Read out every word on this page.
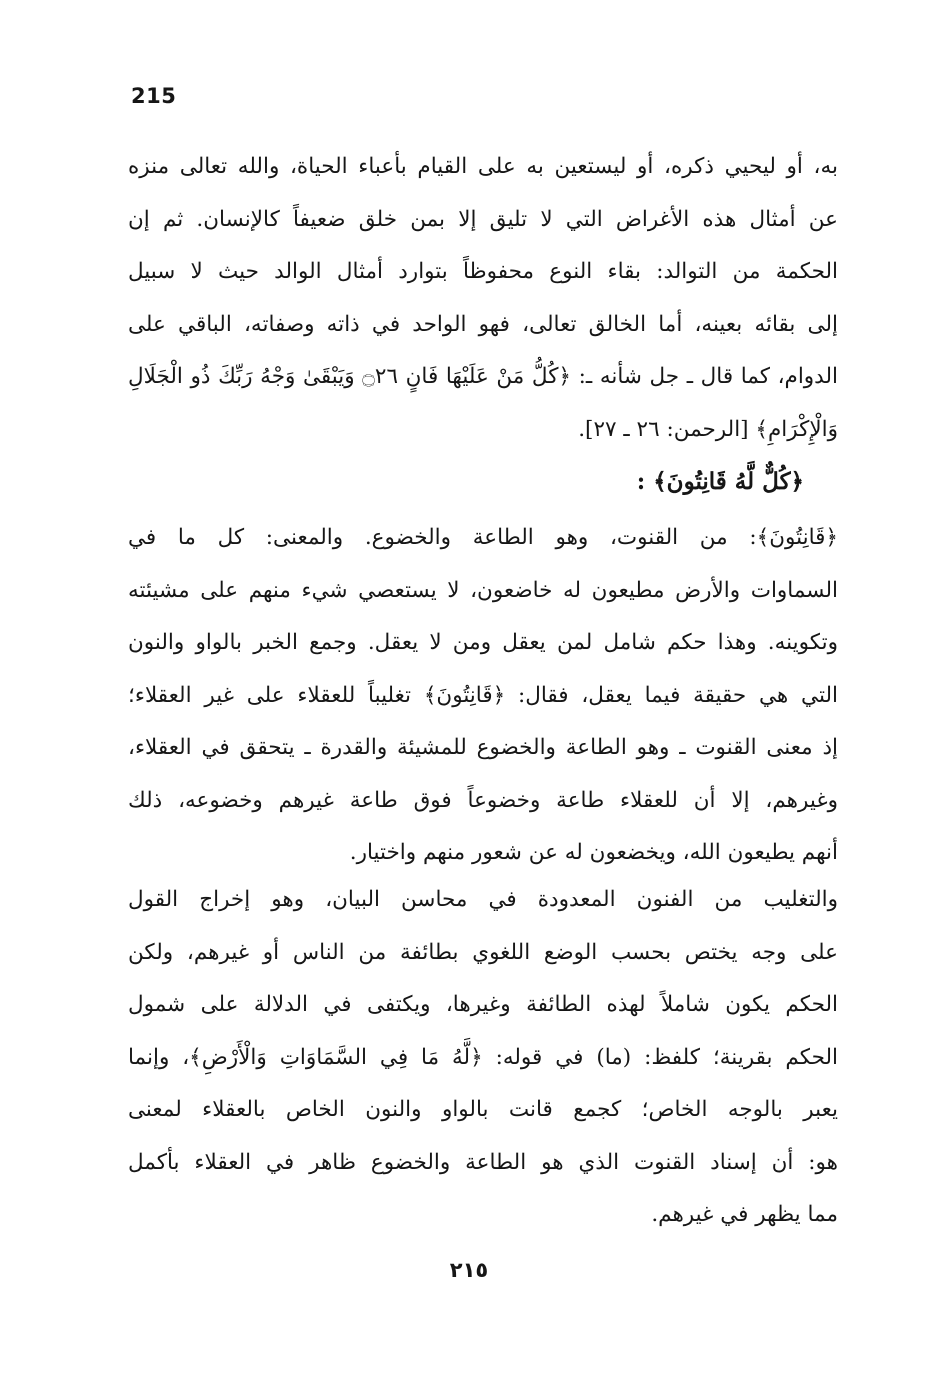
215
به، أو ليحيي ذكره، أو ليستعين به على القيام بأعباء الحياة، والله تعالى منزه
عن أمثال هذه الأغراض التي لا تليق إلا بمن خلق ضعيفاً كالإنسان. ثم إن
الحكمة من التوالد: بقاء النوع محفوظاً بتوارد أمثال الوالد حيث لا سبيل
إلى بقائه بعينه، أما الخالق تعالى، فهو الواحد في ذاته وصفاته، الباقي على
الدوام، كما قال ـ جل شأنه ـ: ﴿كُلُّ مَنْ عَلَيْهَا فَانٍ ۝٢٦ وَيَبْقَىٰ وَجْهُ رَبِّكَ ذُو الْجَلَالِ
وَالْإِكْرَامِ﴾ [الرحمن: ٢٦ ـ ٢٧].
﴿كُلٌّ لَّهُ قَانِتُونَ﴾ :
﴿قَانِتُونَ﴾: من القنوت، وهو الطاعة والخضوع. والمعنى: كل ما في
السماوات والأرض مطيعون له خاضعون، لا يستعصي شيء منهم على مشيئته
وتكوينه. وهذا حكم شامل لمن يعقل ومن لا يعقل. وجمع الخبر بالواو والنون
التي هي حقيقة فيما يعقل، فقال: ﴿قَانِتُونَ﴾ تغليباً للعقلاء على غير العقلاء؛
إذ معنى القنوت ـ وهو الطاعة والخضوع للمشيئة والقدرة ـ يتحقق في العقلاء،
وغيرهم، إلا أن للعقلاء طاعة وخضوعاً فوق طاعة غيرهم وخضوعه، ذلك
أنهم يطيعون الله، ويخضعون له عن شعور منهم واختيار.
والتغليب من الفنون المعدودة في محاسن البيان، وهو إخراج القول
على وجه يختص بحسب الوضع اللغوي بطائفة من الناس أو غيرهم، ولكن
الحكم يكون شاملاً لهذه الطائفة وغيرها، ويكتفى في الدلالة على شمول
الحكم بقرينة؛ كلفظ: (ما) في قوله: ﴿لَّهُ مَا فِي السَّمَاوَاتِ وَالْأَرْضِ﴾، وإنما
يعبر بالوجه الخاص؛ كجمع قانت بالواو والنون الخاص بالعقلاء لمعنى
هو: أن إسناد القنوت الذي هو الطاعة والخضوع ظاهر في العقلاء بأكمل
مما يظهر في غيرهم.
٢١٥
